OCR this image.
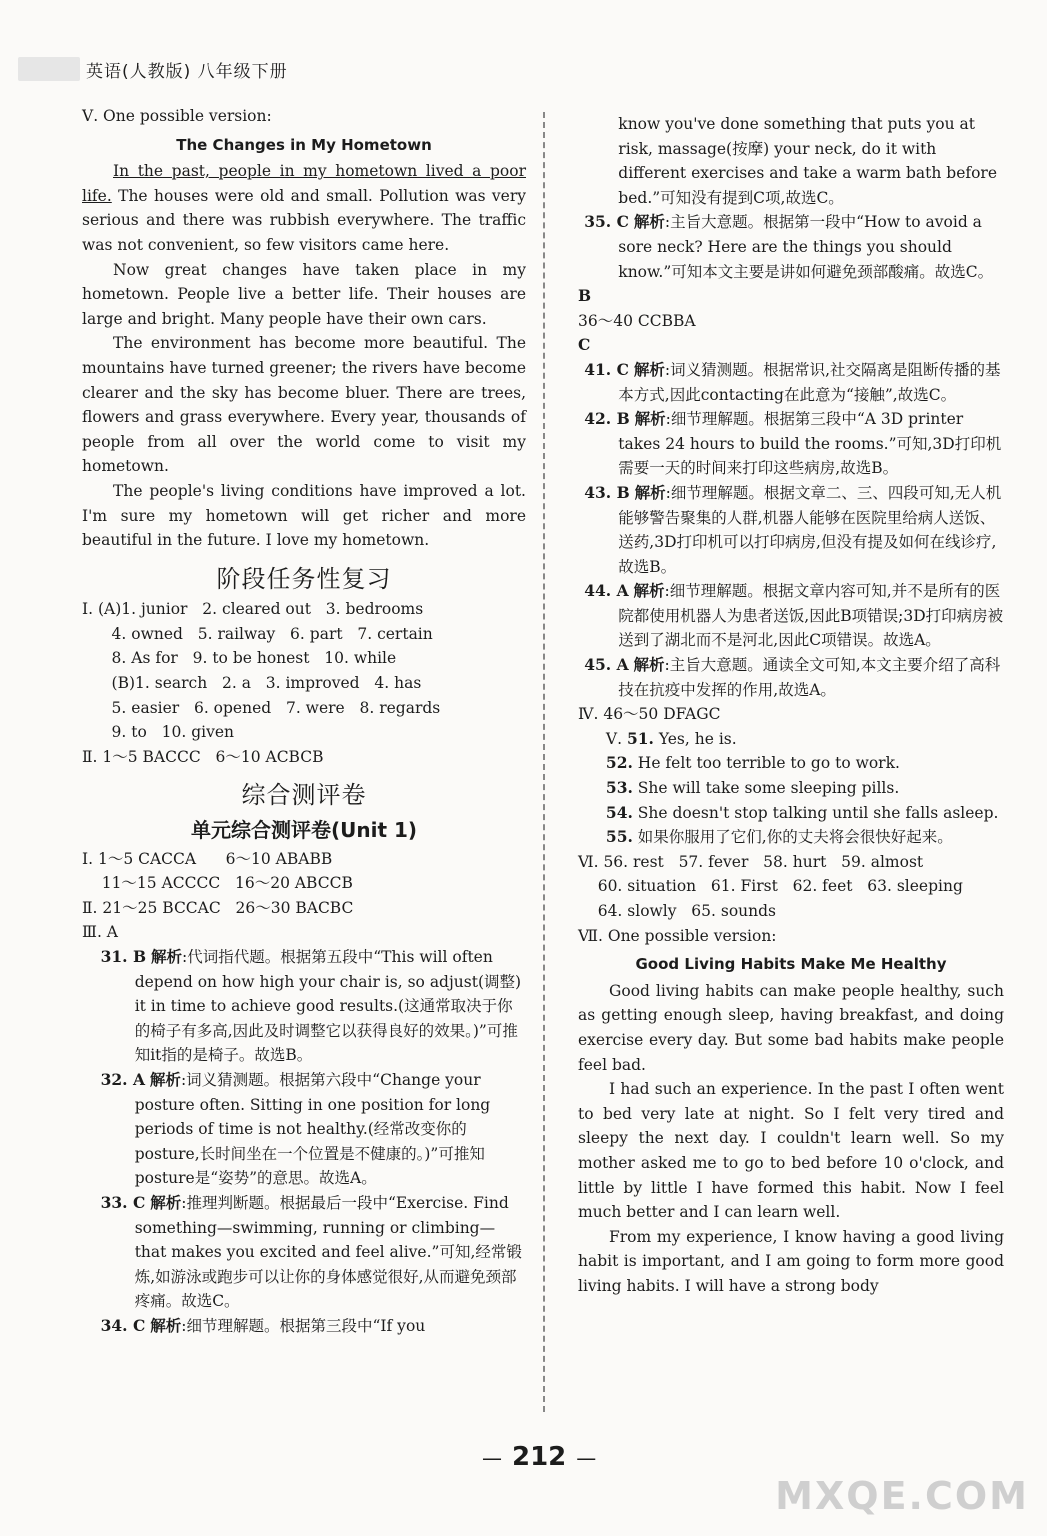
英语(人教版) 八年级下册

Ⅴ. One possible version:

The Changes in My Hometown

In the past, people in my hometown lived a poor life. The houses were old and small. Pollution was very serious and there was rubbish everywhere. The traffic was not convenient, so few visitors came here.

Now great changes have taken place in my hometown. People live a better life. Their houses are large and bright. Many people have their own cars.

The environment has become more beautiful. The mountains have turned greener; the rivers have become clearer and the sky has become bluer. There are trees, flowers and grass everywhere. Every year, thousands of people from all over the world come to visit my hometown.

The people's living conditions have improved a lot. I'm sure my hometown will get richer and more beautiful in the future. I love my hometown.

阶段任务性复习

Ⅰ. (A)1. junior   2. cleared out   3. bedrooms

4. owned   5. railway   6. part   7. certain

8. As for   9. to be honest   10. while

(B)1. search   2. a   3. improved   4. has

5. easier   6. opened   7. were   8. regards

9. to   10. given

Ⅱ. 1～5 BACCC   6～10 ACBCB

综合测评卷
单元综合测评卷(Unit 1)

Ⅰ. 1～5 CACCA      6～10 ABABB

11～15 ACCCC   16～20 ABCCB

Ⅱ. 21～25 BCCAC   26～30 BACBC

Ⅲ. A

31. B 解析:代词指代题。根据第五段中“This will often depend on how high your chair is, so adjust(调整) it in time to achieve good results.(这通常取决于你的椅子有多高,因此及时调整它以获得良好的效果。)”可推知it指的是椅子。故选B。

32. A 解析:词义猜测题。根据第六段中“Change your posture often. Sitting in one position for long periods of time is not healthy.(经常改变你的posture,长时间坐在一个位置是不健康的。)”可推知posture是“姿势”的意思。故选A。

33. C 解析:推理判断题。根据最后一段中“Exercise. Find something—swimming, running or climbing—that makes you excited and feel alive.”可知,经常锻炼,如游泳或跑步可以让你的身体感觉很好,从而避免颈部疼痛。故选C。

34. C 解析:细节理解题。根据第三段中“If you

know you've done something that puts you at risk, massage(按摩) your neck, do it with different exercises and take a warm bath before bed.”可知没有提到C项,故选C。

35. C 解析:主旨大意题。根据第一段中“How to avoid a sore neck? Here are the things you should know.”可知本文主要是讲如何避免颈部酸痛。故选C。

B

36～40 CCBBA

C

41. C 解析:词义猜测题。根据常识,社交隔离是阻断传播的基本方式,因此contacting在此意为“接触”,故选C。

42. B 解析:细节理解题。根据第三段中“A 3D printer takes 24 hours to build the rooms.”可知,3D打印机需要一天的时间来打印这些病房,故选B。

43. B 解析:细节理解题。根据文章二、三、四段可知,无人机能够警告聚集的人群,机器人能够在医院里给病人送饭、送药,3D打印机可以打印病房,但没有提及如何在线诊疗,故选B。

44. A 解析:细节理解题。根据文章内容可知,并不是所有的医院都使用机器人为患者送饭,因此B项错误;3D打印病房被送到了湖北而不是河北,因此C项错误。故选A。

45. A 解析:主旨大意题。通读全文可知,本文主要介绍了高科技在抗疫中发挥的作用,故选A。

Ⅳ. 46～50 DFAGC

Ⅴ. 51. Yes, he is.

52. He felt too terrible to go to work.

53. She will take some sleeping pills.

54. She doesn't stop talking until she falls asleep.

55. 如果你服用了它们,你的丈夫将会很快好起来。

Ⅵ. 56. rest   57. fever   58. hurt   59. almost

60. situation   61. First   62. feet   63. sleeping

64. slowly   65. sounds

Ⅶ. One possible version:

Good Living Habits Make Me Healthy

Good living habits can make people healthy, such as getting enough sleep, having breakfast, and doing exercise every day. But some bad habits make people feel bad.

I had such an experience. In the past I often went to bed very late at night. So I felt very tired and sleepy the next day. I couldn't learn well. So my mother asked me to go to bed before 10 o'clock, and little by little I have formed this habit. Now I feel much better and I can learn well.

From my experience, I know having a good living habit is important, and I am going to form more good living habits. I will have a strong body

— 212 —
MXQE.COM
